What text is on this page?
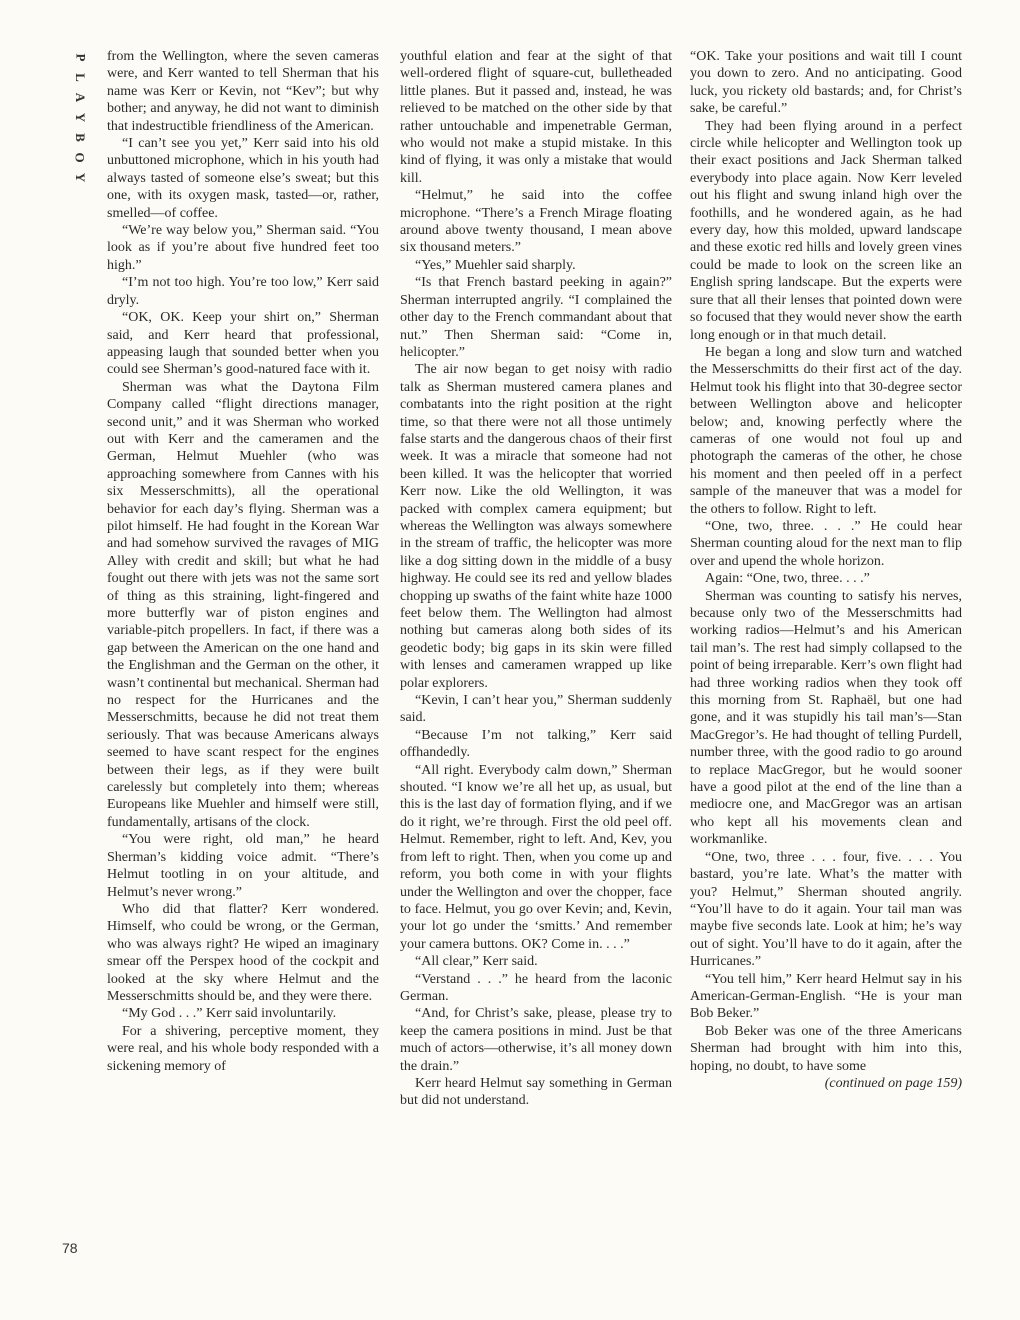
P
L
A
Y
B
O
Y

from the Wellington, where the seven cameras were, and Kerr wanted to tell Sherman that his name was Kerr or Kevin, not “Kev”; but why bother; and anyway, he did not want to diminish that indestructible friendliness of the American.

“I can’t see you yet,” Kerr said into his old unbuttoned microphone, which in his youth had always tasted of someone else’s sweat; but this one, with its oxygen mask, tasted—or, rather, smelled—of coffee.

“We’re way below you,” Sherman said. “You look as if you’re about five hundred feet too high.”

“I’m not too high. You’re too low,” Kerr said dryly.

“OK, OK. Keep your shirt on,” Sherman said, and Kerr heard that professional, appeasing laugh that sounded better when you could see Sherman’s good-natured face with it.

Sherman was what the Daytona Film Company called “flight directions manager, second unit,” and it was Sherman who worked out with Kerr and the cameramen and the German, Helmut Muehler (who was approaching somewhere from Cannes with his six Messerschmitts), all the operational behavior for each day’s flying. Sherman was a pilot himself. He had fought in the Korean War and had somehow survived the ravages of MIG Alley with credit and skill; but what he had fought out there with jets was not the same sort of thing as this straining, light-fingered and more butterfly war of piston engines and variable-pitch propellers. In fact, if there was a gap between the American on the one hand and the Englishman and the German on the other, it wasn’t continental but mechanical. Sherman had no respect for the Hurricanes and the Messerschmitts, because he did not treat them seriously. That was because Americans always seemed to have scant respect for the engines between their legs, as if they were built carelessly but completely into them; whereas Europeans like Muehler and himself were still, fundamentally, artisans of the clock.

“You were right, old man,” he heard Sherman’s kidding voice admit. “There’s Helmut tootling in on your altitude, and Helmut’s never wrong.”

Who did that flatter? Kerr wondered. Himself, who could be wrong, or the German, who was always right? He wiped an imaginary smear off the Perspex hood of the cockpit and looked at the sky where Helmut and the Messerschmitts should be, and they were there.

“My God . . .” Kerr said involuntarily.

For a shivering, perceptive moment, they were real, and his whole body responded with a sickening memory of

youthful elation and fear at the sight of that well-ordered flight of square-cut, bulletheaded little planes. But it passed and, instead, he was relieved to be matched on the other side by that rather untouchable and impenetrable German, who would not make a stupid mistake. In this kind of flying, it was only a mistake that would kill.

“Helmut,” he said into the coffee microphone. “There’s a French Mirage floating around above twenty thousand, I mean above six thousand meters.”

“Yes,” Muehler said sharply.

“Is that French bastard peeking in again?” Sherman interrupted angrily. “I complained the other day to the French commandant about that nut.” Then Sherman said: “Come in, helicopter.”

The air now began to get noisy with radio talk as Sherman mustered camera planes and combatants into the right position at the right time, so that there were not all those untimely false starts and the dangerous chaos of their first week. It was a miracle that someone had not been killed. It was the helicopter that worried Kerr now. Like the old Wellington, it was packed with complex camera equipment; but whereas the Wellington was always somewhere in the stream of traffic, the helicopter was more like a dog sitting down in the middle of a busy highway. He could see its red and yellow blades chopping up swaths of the faint white haze 1000 feet below them. The Wellington had almost nothing but cameras along both sides of its geodetic body; big gaps in its skin were filled with lenses and cameramen wrapped up like polar explorers.

“Kevin, I can’t hear you,” Sherman suddenly said.

“Because I’m not talking,” Kerr said offhandedly.

“All right. Everybody calm down,” Sherman shouted. “I know we’re all het up, as usual, but this is the last day of formation flying, and if we do it right, we’re through. First the old peel off. Helmut. Remember, right to left. And, Kev, you from left to right. Then, when you come up and reform, you both come in with your flights under the Wellington and over the chopper, face to face. Helmut, you go over Kevin; and, Kevin, your lot go under the ‘smitts.’ And remember your camera buttons. OK? Come in. . . .”

“All clear,” Kerr said.

“Verstand . . .” he heard from the laconic German.

“And, for Christ’s sake, please, please try to keep the camera positions in mind. Just be that much of actors—otherwise, it’s all money down the drain.”

Kerr heard Helmut say something in German but did not understand.

“OK. Take your positions and wait till I count you down to zero. And no anticipating. Good luck, you rickety old bastards; and, for Christ’s sake, be careful.”

They had been flying around in a perfect circle while helicopter and Wellington took up their exact positions and Jack Sherman talked everybody into place again. Now Kerr leveled out his flight and swung inland high over the foothills, and he wondered again, as he had every day, how this molded, upward landscape and these exotic red hills and lovely green vines could be made to look on the screen like an English spring landscape. But the experts were sure that all their lenses that pointed down were so focused that they would never show the earth long enough or in that much detail.

He began a long and slow turn and watched the Messerschmitts do their first act of the day. Helmut took his flight into that 30-degree sector between Wellington above and helicopter below; and, knowing perfectly where the cameras of one would not foul up and photograph the cameras of the other, he chose his moment and then peeled off in a perfect sample of the maneuver that was a model for the others to follow. Right to left.

“One, two, three. . . .” He could hear Sherman counting aloud for the next man to flip over and upend the whole horizon.

Again: “One, two, three. . . .”

Sherman was counting to satisfy his nerves, because only two of the Messerschmitts had working radios—Helmut’s and his American tail man’s. The rest had simply collapsed to the point of being irreparable. Kerr’s own flight had had three working radios when they took off this morning from St. Raphaël, but one had gone, and it was stupidly his tail man’s—Stan MacGregor’s. He had thought of telling Purdell, number three, with the good radio to go around to replace MacGregor, but he would sooner have a good pilot at the end of the line than a mediocre one, and MacGregor was an artisan who kept all his movements clean and workmanlike.

“One, two, three . . . four, five. . . . You bastard, you’re late. What’s the matter with you? Helmut,” Sherman shouted angrily. “You’ll have to do it again. Your tail man was maybe five seconds late. Look at him; he’s way out of sight. You’ll have to do it again, after the Hurricanes.”

“You tell him,” Kerr heard Helmut say in his American-German-English. “He is your man Bob Beker.”

Bob Beker was one of the three Americans Sherman had brought with him into this, hoping, no doubt, to have some

(continued on page 159)

78
